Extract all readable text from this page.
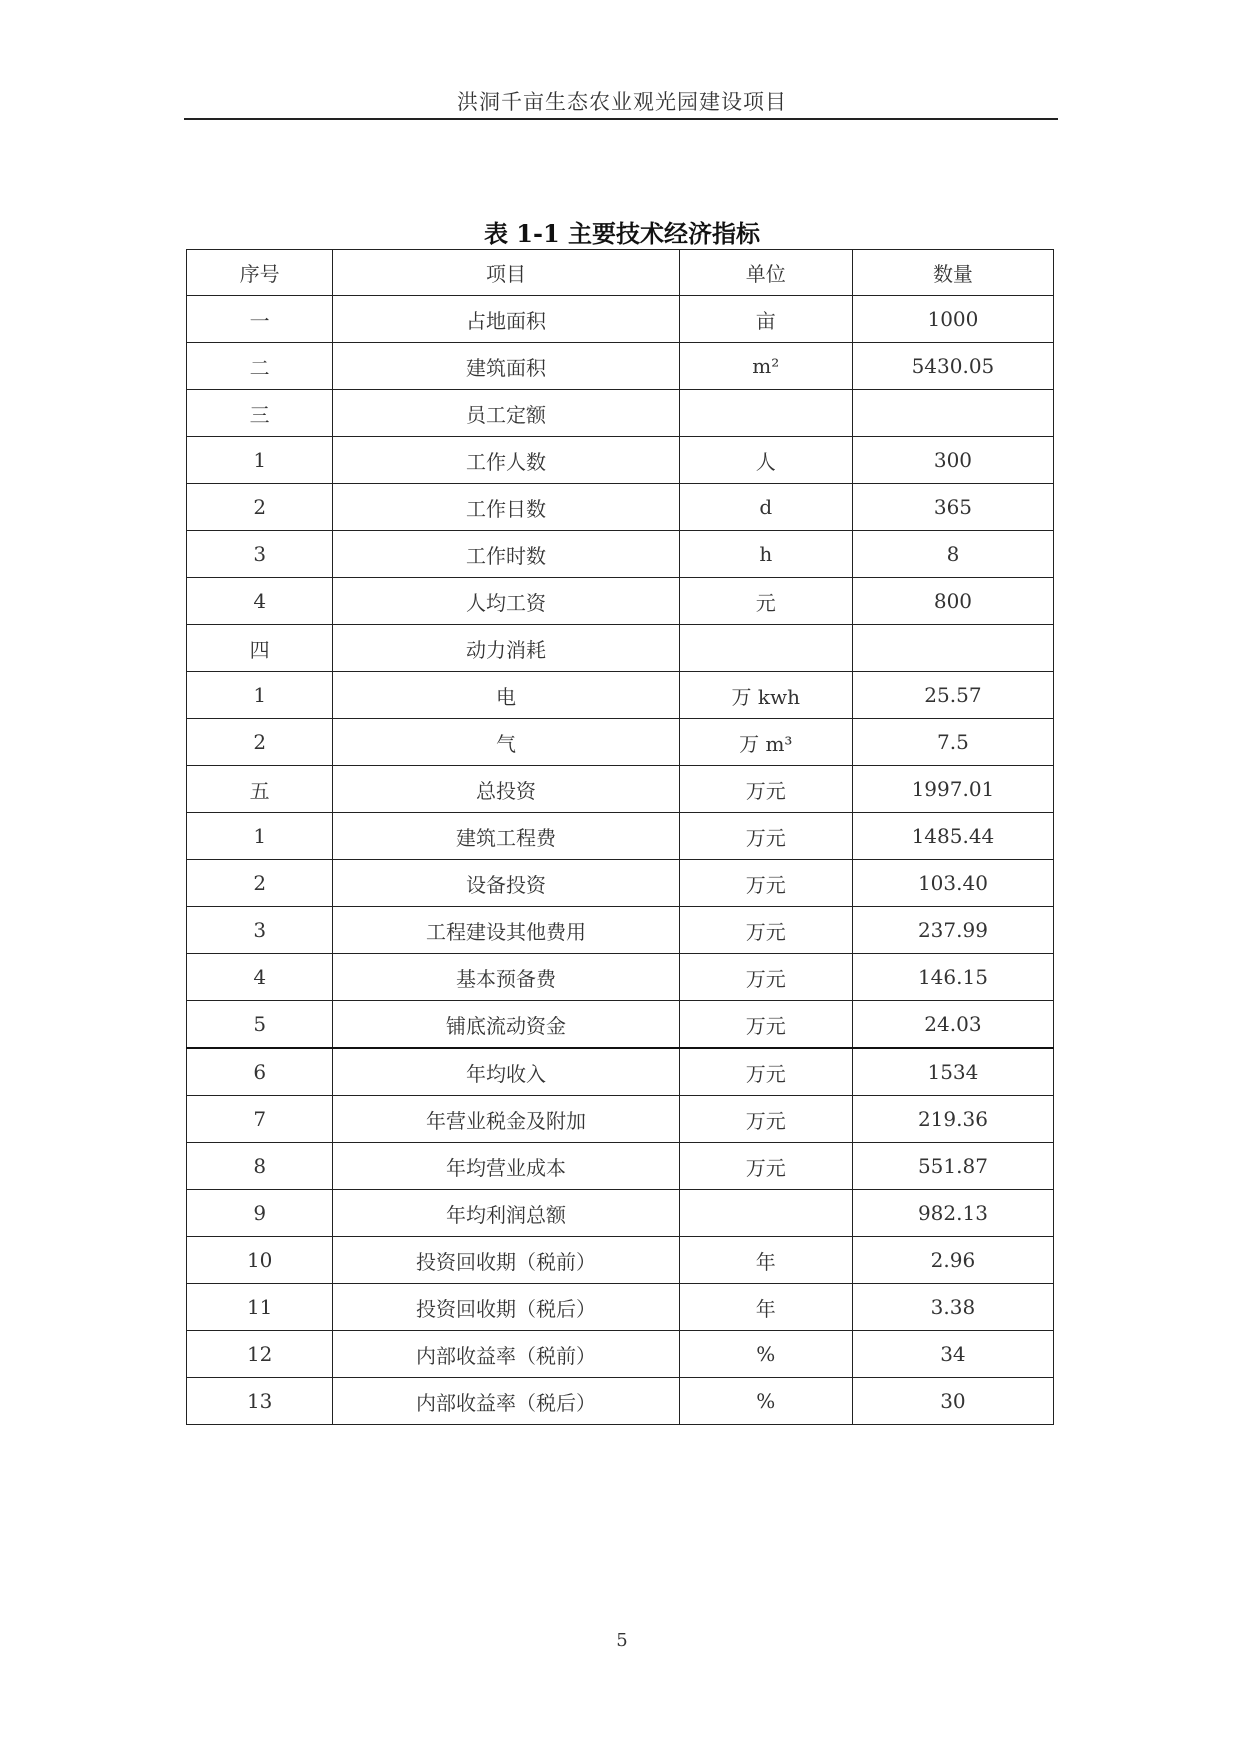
洪洞千亩生态农业观光园建设项目
表 1-1 主要技术经济指标
序号	项目	单位	数量
一	占地面积	亩	1000
二	建筑面积	m²	5430.05
三	员工定额		
1	工作人数	人	300
2	工作日数	d	365
3	工作时数	h	8
4	人均工资	元	800
四	动力消耗		
1	电	万 kwh	25.57
2	气	万 m³	7.5
五	总投资	万元	1997.01
1	建筑工程费	万元	1485.44
2	设备投资	万元	103.40
3	工程建设其他费用	万元	237.99
4	基本预备费	万元	146.15
5	铺底流动资金	万元	24.03
6	年均收入	万元	1534
7	年营业税金及附加	万元	219.36
8	年均营业成本	万元	551.87
9	年均利润总额		982.13
10	投资回收期（税前）	年	2.96
11	投资回收期（税后）	年	3.38
12	内部收益率（税前）	%	34
13	内部收益率（税后）	%	30
5
